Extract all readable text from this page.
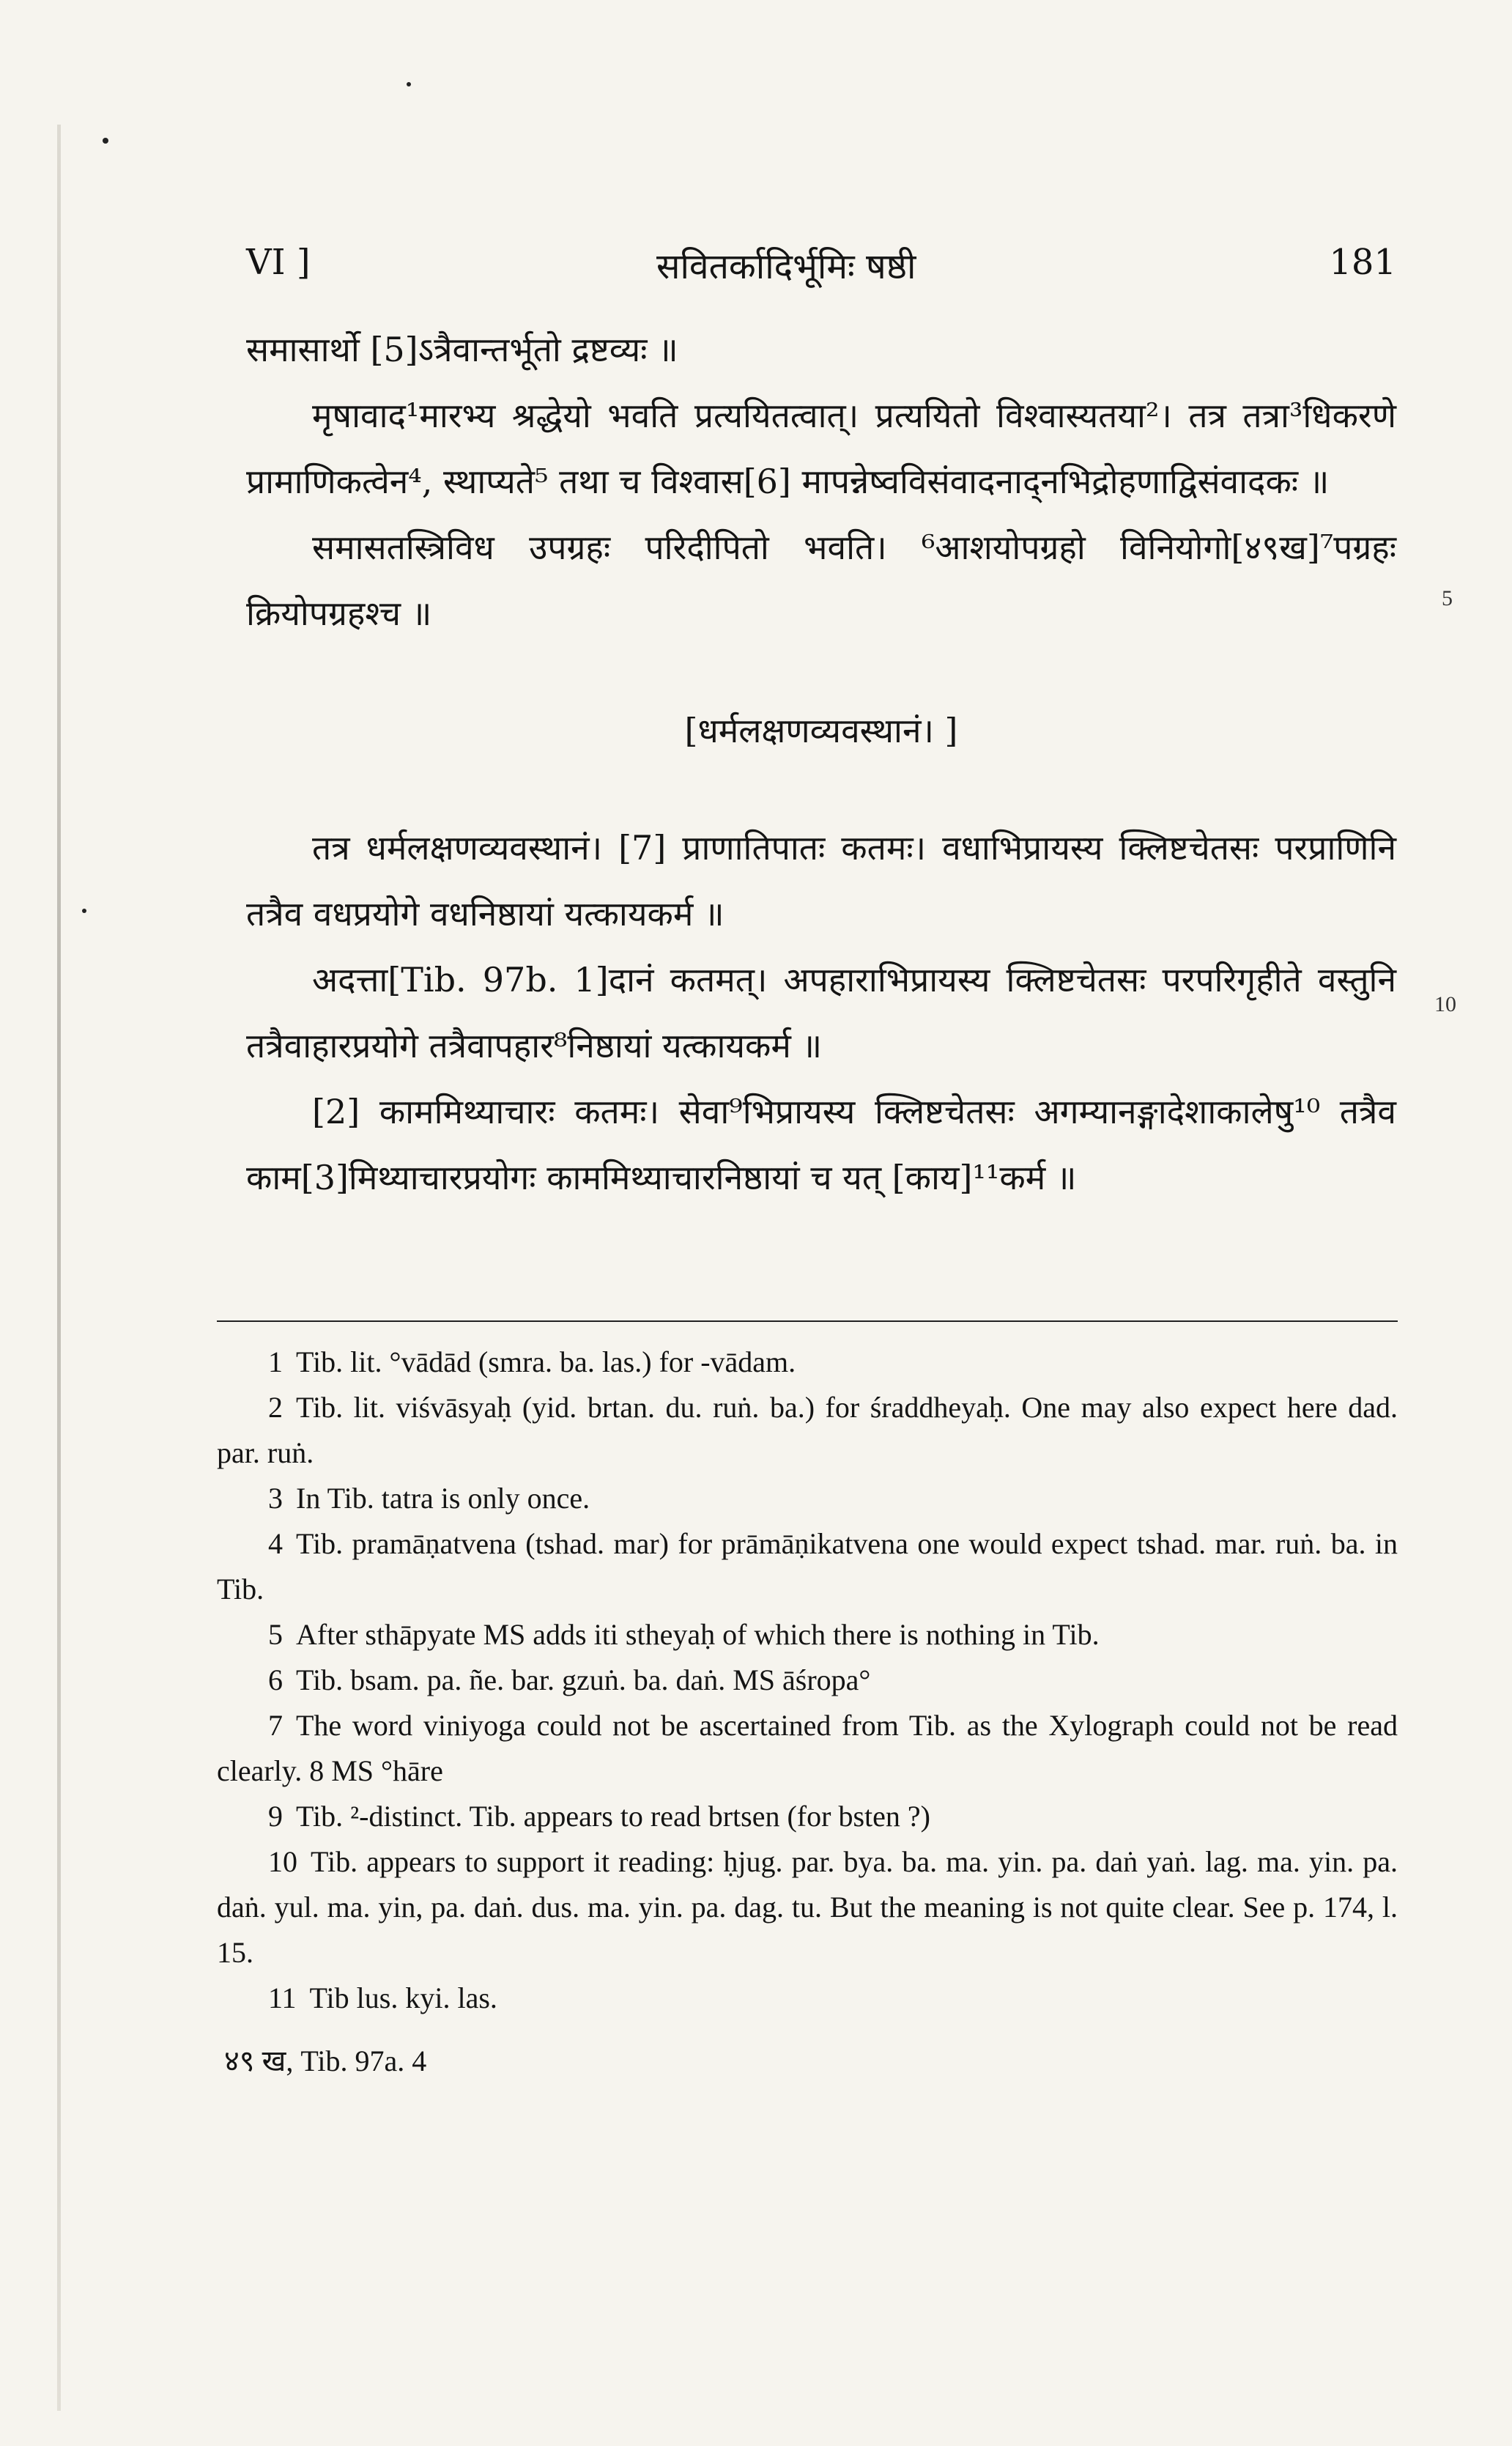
VI ]	सवितर्कादिर्भूमिः षष्ठी	181

समासार्थो [5]ऽत्रैवान्तर्भूतो द्रष्टव्यः ॥

मृषावाद¹मारभ्य श्रद्धेयो भवति प्रत्ययितत्वात्। प्रत्ययितो विश्वास्यतया²। तत्र तत्रा³धिकरणे प्रामाणिकत्वेन⁴, स्थाप्यते⁵ तथा च विश्वास[6] मापन्नेष्वविसंवादनाद्नभिद्रोहणाद्विसंवादकः ॥

समासतस्त्रिविध उपग्रहः परिदीपितो भवति। ⁶आशयोपग्रहो विनियोगो[४९ख]⁷पग्रहः क्रियोपग्रहश्च ॥

[धर्मलक्षणव्यवस्थानं। ]

तत्र धर्मलक्षणव्यवस्थानं। [7] प्राणातिपातः कतमः। वधाभिप्रायस्य क्लिष्टचेतसः परप्राणिनि तत्रैव वधप्रयोगे वधनिष्ठायां यत्कायकर्म ॥

अदत्ता[Tib. 97b. 1]दानं कतमत्। अपहाराभिप्रायस्य क्लिष्टचेतसः परपरिगृहीते वस्तुनि तत्रैवाहारप्रयोगे तत्रैवापहार⁸निष्ठायां यत्कायकर्म ॥

[2] काममिथ्याचारः कतमः। सेवा⁹भिप्रायस्य क्लिष्टचेतसः अगम्यानङ्गादेशाकालेषु¹⁰ तत्रैव काम[3]मिथ्याचारप्रयोगः काममिथ्याचारनिष्ठायां च यत् [काय]¹¹कर्म ॥

5
10

1 Tib. lit. °vādād (smra. ba. las.) for -vādam.

2 Tib. lit. viśvāsyaḥ (yid. brtan. du. ruṅ. ba.) for śraddheyaḥ. One may also expect here dad. par. ruṅ.

3 In Tib. tatra is only once.

4 Tib. pramāṇatvena (tshad. mar) for prāmāṇikatvena one would expect tshad. mar. ruṅ. ba. in Tib.

5 After sthāpyate MS adds iti stheyaḥ of which there is nothing in Tib.

6 Tib. bsam. pa. ñe. bar. gzuṅ. ba. daṅ. MS āśropa°

7 The word viniyoga could not be ascertained from Tib. as the Xylograph could not be read clearly. 8 MS °hāre

9 Tib. ²-distinct. Tib. appears to read brtsen (for bsten ?)

10 Tib. appears to support it reading: ḥjug. par. bya. ba. ma. yin. pa. daṅ yaṅ. lag. ma. yin. pa. daṅ. yul. ma. yin, pa. daṅ. dus. ma. yin. pa. dag. tu. But the meaning is not quite clear. See p. 174, l. 15.

11 Tib lus. kyi. las.

४९ ख, Tib. 97a. 4
